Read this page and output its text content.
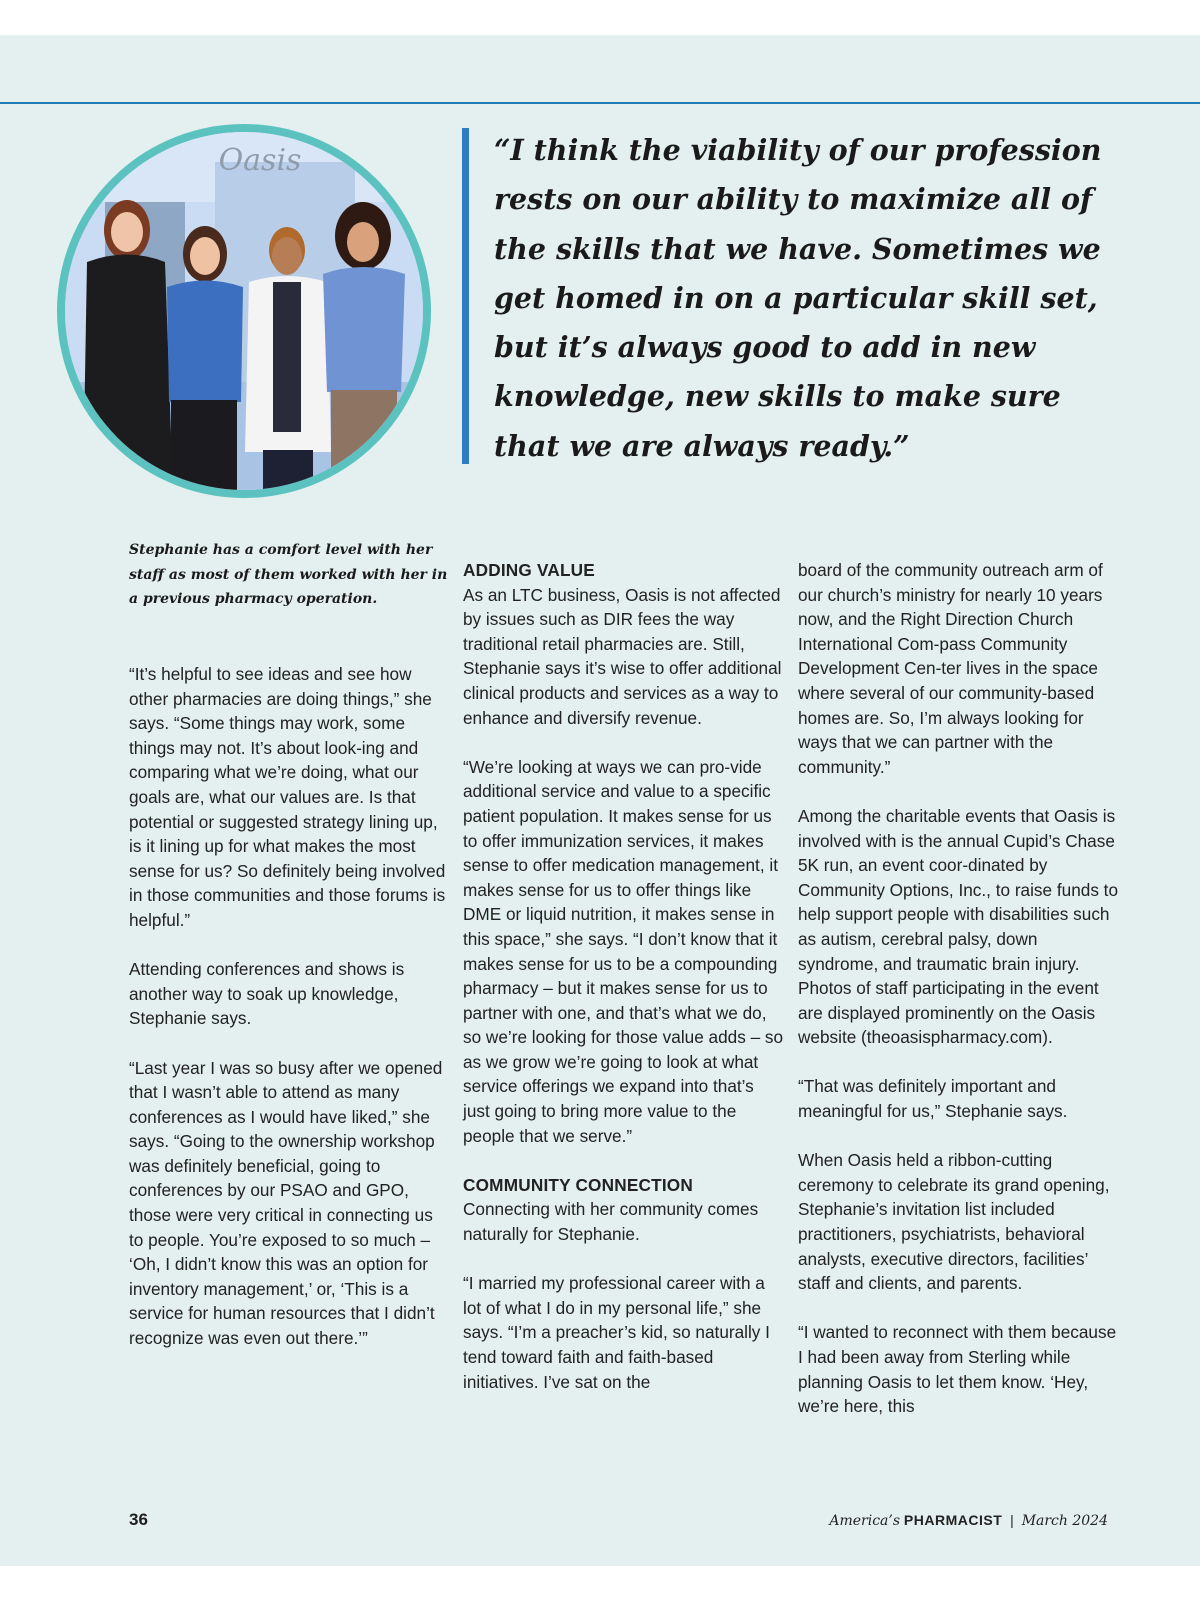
Oasis	“I think the viability of our profession rests on our ability to maximize all of the skills that we have. Sometimes we get homed in on a particular skill set, but it’s always good to add in new knowledge, new skills to make sure that we are always ready.”

Stephanie has a comfort level with her staff as most of them worked with her in a previous pharmacy operation.

“It’s helpful to see ideas and see how other pharmacies are doing things,” she says. “Some things may work, some things may not. It’s about look-ing and comparing what we’re doing, what our goals are, what our values are. Is that potential or suggested strategy lining up, is it lining up for what makes the most sense for us? So definitely being involved in those communities and those forums is helpful.”

Attending conferences and shows is another way to soak up knowledge, Stephanie says.

“Last year I was so busy after we opened that I wasn’t able to attend as many conferences as I would have liked,” she says. “Going to the ownership workshop was definitely beneficial, going to conferences by our PSAO and GPO, those were very critical in connecting us to people. You’re exposed to so much – ‘Oh, I didn’t know this was an option for inventory management,’ or, ‘This is a service for human resources that I didn’t recognize was even out there.’”

ADDING VALUE

As an LTC business, Oasis is not affected by issues such as DIR fees the way traditional retail pharmacies are. Still, Stephanie says it’s wise to offer additional clinical products and services as a way to enhance and diversify revenue.

“We’re looking at ways we can pro-vide additional service and value to a specific patient population. It makes sense for us to offer immunization services, it makes sense to offer medication management, it makes sense for us to offer things like DME or liquid nutrition, it makes sense in this space,” she says. “I don’t know that it makes sense for us to be a compounding pharmacy – but it makes sense for us to partner with one, and that’s what we do, so we’re looking for those value adds – so as we grow we’re going to look at what service offerings we expand into that’s just going to bring more value to the people that we serve.”

COMMUNITY CONNECTION

Connecting with her community comes naturally for Stephanie.

“I married my professional career with a lot of what I do in my personal life,” she says. “I’m a preacher’s kid, so naturally I tend toward faith and faith-based initiatives. I’ve sat on the

board of the community outreach arm of our church’s ministry for nearly 10 years now, and the Right Direction Church International Com-pass Community Development Cen-ter lives in the space where several of our community-based homes are. So, I’m always looking for ways that we can partner with the community.”

Among the charitable events that Oasis is involved with is the annual Cupid’s Chase 5K run, an event coor-dinated by Community Options, Inc., to raise funds to help support people with disabilities such as autism, cerebral palsy, down syndrome, and traumatic brain injury. Photos of staff participating in the event are displayed prominently on the Oasis website (theoasispharmacy.com).

“That was definitely important and meaningful for us,” Stephanie says.

When Oasis held a ribbon-cutting ceremony to celebrate its grand opening, Stephanie’s invitation list included practitioners, psychiatrists, behavioral analysts, executive directors, facilities’ staff and clients, and parents.

“I wanted to reconnect with them because I had been away from Sterling while planning Oasis to let them know. ‘Hey, we’re here, this

36	America’s PHARMACIST | March 2024
